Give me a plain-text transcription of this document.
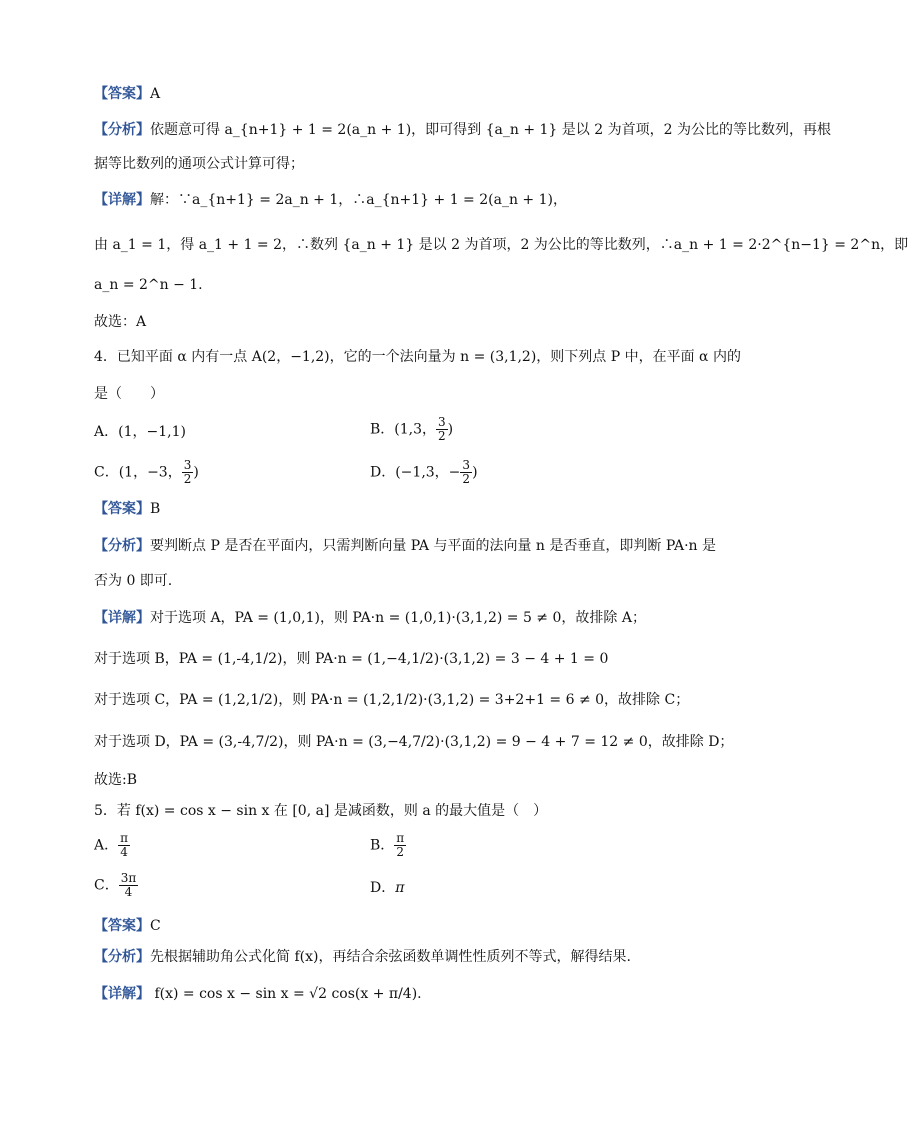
【答案】A
【分析】依题意可得 a_{n+1} + 1 = 2(a_n + 1)，即可得到 {a_n + 1} 是以 2 为首项，2 为公比的等比数列，再根
据等比数列的通项公式计算可得；
【详解】解：∵a_{n+1} = 2a_n + 1，∴a_{n+1} + 1 = 2(a_n + 1)，
由 a_1 = 1，得 a_1 + 1 = 2，∴数列 {a_n + 1} 是以 2 为首项，2 为公比的等比数列，∴a_n + 1 = 2·2^{n−1} = 2^n，即
a_n = 2^n − 1.
故选：A
4．已知平面 α 内有一点 A(2，−1,2)，它的一个法向量为 n = (3,1,2)，则下列点 P 中，在平面 α 内的
是（　　）
A．(1，−1,1)	B．(1,3， $\frac{3}{2}$ )
C．(1，−3， $\frac{3}{2}$ )	D．(−1,3，− $\frac{3}{2}$ )
【答案】B
【分析】要判断点 P 是否在平面内，只需判断向量 PA 与平面的法向量 n 是否垂直，即判断 PA·n 是
否为 0 即可.
【详解】对于选项 A，PA = (1,0,1)，则 PA·n = (1,0,1)·(3,1,2) = 5 ≠ 0，故排除 A；
对于选项 B，PA = (1,-4,1/2)，则 PA·n = (1,−4,1/2)·(3,1,2) = 3 − 4 + 1 = 0
对于选项 C，PA = (1,2,1/2)，则 PA·n = (1,2,1/2)·(3,1,2) = 3+2+1 = 6 ≠ 0，故排除 C；
对于选项 D，PA = (3,-4,7/2)，则 PA·n = (3,−4,7/2)·(3,1,2) = 9 − 4 + 7 = 12 ≠ 0，故排除 D；
故选:B
5．若 f(x) = cos x − sin x 在 [0, a] 是减函数，则 a 的最大值是（　）
A． $\frac{\pi}{4}$	B． $\frac{\pi}{2}$
C． $\frac{3\pi}{4}$	D．π
【答案】C
【分析】先根据辅助角公式化简 f(x)，再结合余弦函数单调性性质列不等式，解得结果.
【详解】 f(x) = cos x − sin x = √2 cos(x + π/4).
